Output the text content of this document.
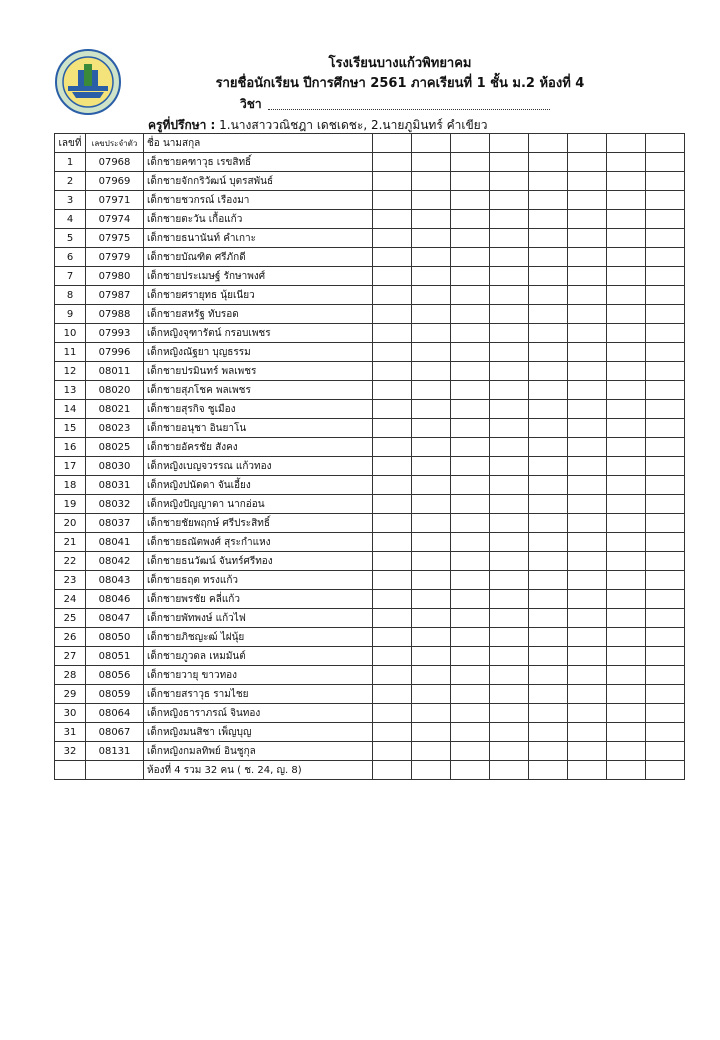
โรงเรียนบางแก้วพิทยาคม
รายชื่อนักเรียน ปีการศึกษา 2561 ภาคเรียนที่ 1 ชั้น ม.2 ห้องที่ 4
วิชา
ครูที่ปรึกษา : 1.นางสาววณิชฎา เดชเดชะ, 2.นายภูมินทร์ คำเขียว
เลขที่	เลขประจำตัว	ชื่อ นามสกุล								
1	07968	เด็กชายคฑาวุธ เรขสิทธิ์								
2	07969	เด็กชายจักกริวัฒน์ บุตรสพันธ์								
3	07971	เด็กชายชวกรณ์ เรืองมา								
4	07974	เด็กชายตะวัน เกื้อแก้ว								
5	07975	เด็กชายธนานันท์ คำเกาะ								
6	07979	เด็กชายบัณฑิต ศรีภักดี								
7	07980	เด็กชายประเมษฐ์ รักษาพงศ์								
8	07987	เด็กชายศรายุทธ นุ้ยเนียว								
9	07988	เด็กชายสหรัฐ ทับรอด								
10	07993	เด็กหญิงจุฑารัตน์ กรอบเพชร								
11	07996	เด็กหญิงณัฐยา บุญธรรม								
12	08011	เด็กชายปรมินทร์ พลเพชร								
13	08020	เด็กชายสุภโชค พลเพชร								
14	08021	เด็กชายสุรกิจ ชูเมือง								
15	08023	เด็กชายอนุชา อินยาโน								
16	08025	เด็กชายอัครชัย สังคง								
17	08030	เด็กหญิงเบญจวรรณ แก้วทอง								
18	08031	เด็กหญิงปนัดดา จันเอี้ยง								
19	08032	เด็กหญิงปัญญาดา นากอ่อน								
20	08037	เด็กชายชัยพฤกษ์ ศรีประสิทธิ์								
21	08041	เด็กชายธณัตพงศ์ สุระกำแหง								
22	08042	เด็กชายธนวัฒน์ จันทร์ศรีทอง								
23	08043	เด็กชายธฤต ทรงแก้ว								
24	08046	เด็กชายพรชัย คลี่แก้ว								
25	08047	เด็กชายพัทพงษ์ แก้วไฟ								
26	08050	เด็กชายภิชญะฒ์ ไฝนุ้ย								
27	08051	เด็กชายภูวดล เหมมันต์								
28	08056	เด็กชายวายุ ขาวทอง								
29	08059	เด็กชายสราวุธ รามไชย								
30	08064	เด็กหญิงธาราภรณ์ จินทอง								
31	08067	เด็กหญิงมนสิชา เพ็ญบุญ								
32	08131	เด็กหญิงกมลทิพย์ อินชูกุล								
		ห้องที่ 4 รวม 32 คน ( ช. 24, ญ. 8)								
